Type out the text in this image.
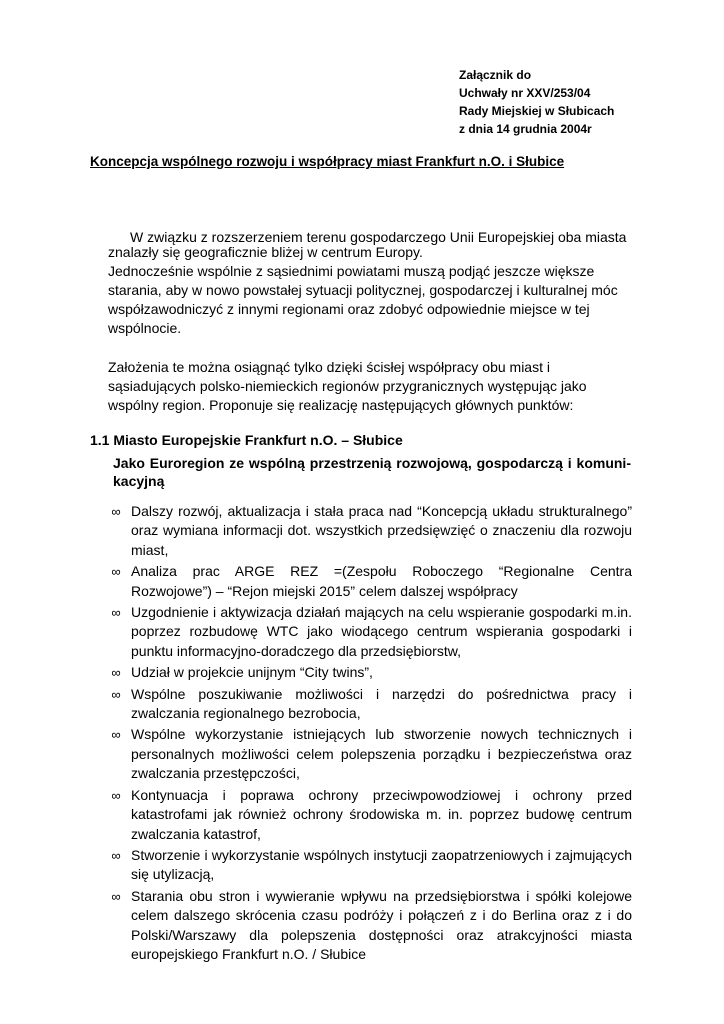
Załącznik do
Uchwały nr XXV/253/04
Rady Miejskiej w Słubicach
z dnia 14 grudnia 2004r
Koncepcja wspólnego rozwoju i współpracy miast Frankfurt n.O. i Słubice

W związku z rozszerzeniem terenu gospodarczego Unii Europejskiej oba miasta znalazły się geograficznie bliżej w centrum Europy.

Jednocześnie wspólnie z sąsiednimi powiatami muszą podjąć jeszcze większe starania, aby w nowo powstałej sytuacji politycznej, gospodarczej i kulturalnej móc współzawodniczyć z innymi regionami oraz zdobyć odpowiednie miejsce w tej wspólnocie.

Założenia te można osiągnąć tylko dzięki ścisłej współpracy obu miast i sąsiadujących polsko-niemieckich regionów przygranicznych występując jako wspólny region. Proponuje się realizację następujących głównych punktów:

1.1 Miasto Europejskie Frankfurt n.O. – Słubice
Jako Euroregion ze wspólną przestrzenią rozwojową, gospodarczą i komuni-kacyjną
∞ Dalszy rozwój, aktualizacja i stała praca nad “Koncepcją układu strukturalnego” oraz wymiana informacji dot. wszystkich przedsięwzięć o znaczeniu dla rozwoju miast,
∞ Analiza prac ARGE REZ =(Zespołu Roboczego “Regionalne Centra Rozwojowe”) – “Rejon miejski 2015” celem dalszej współpracy
∞ Uzgodnienie i aktywizacja działań mających na celu wspieranie gospodarki m.in. poprzez rozbudowę WTC jako wiodącego centrum wspierania gospodarki i punktu informacyjno-doradczego dla przedsiębiorstw,
∞ Udział w projekcie unijnym “City twins”,
∞ Wspólne poszukiwanie możliwości i narzędzi do pośrednictwa pracy i zwalczania regionalnego bezrobocia,
∞ Wspólne wykorzystanie istniejących lub stworzenie nowych technicznych i personalnych możliwości celem polepszenia porządku i bezpieczeństwa oraz zwalczania przestępczości,
∞ Kontynuacja i poprawa ochrony przeciwpowodziowej i ochrony przed katastrofami jak również ochrony środowiska m. in. poprzez budowę centrum zwalczania katastrof,
∞ Stworzenie i wykorzystanie wspólnych instytucji zaopatrzeniowych i zajmujących się utylizacją,
∞ Starania obu stron i wywieranie wpływu na przedsiębiorstwa i spółki kolejowe celem dalszego skrócenia czasu podróży i połączeń z i do Berlina oraz z i do Polski/Warszawy dla polepszenia dostępności oraz atrakcyjności miasta europejskiego Frankfurt n.O. / Słubice
